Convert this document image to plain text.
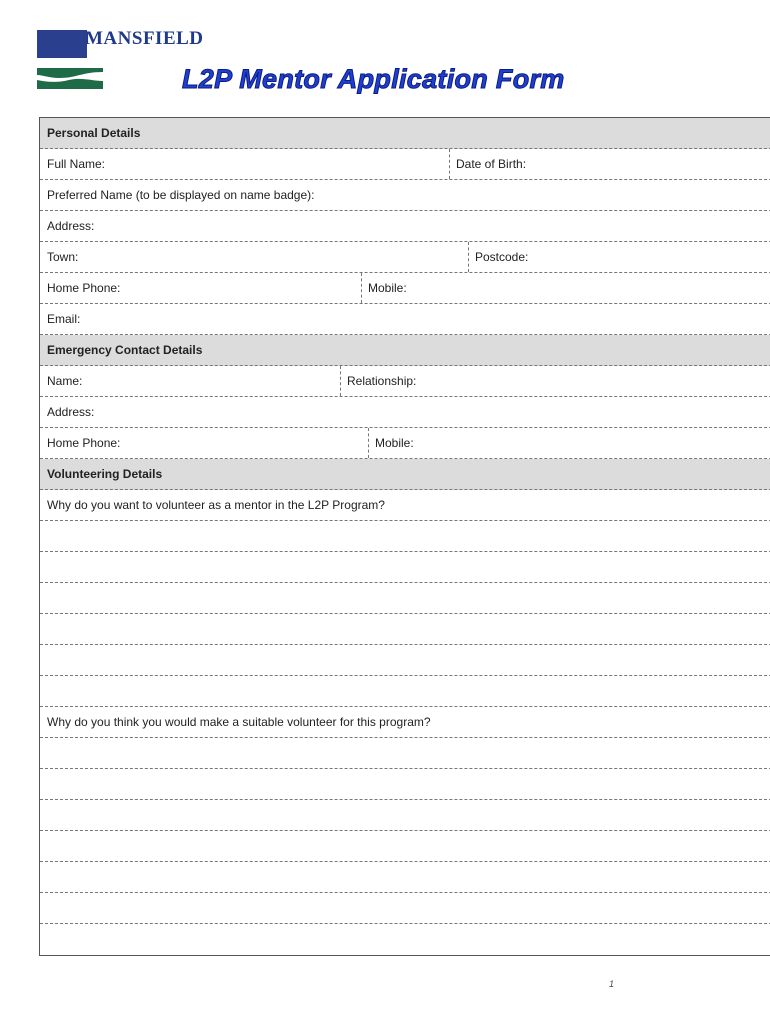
MANSFIELD
L2P Mentor Application Form
Personal Details
Full Name:	Date of Birth:
Preferred Name (to be displayed on name badge):
Address:
Town:	Postcode:
Home Phone:	Mobile:
Email:
Emergency Contact Details
Name:	Relationship:
Address:
Home Phone:	Mobile:
Volunteering Details
Why do you want to volunteer as a mentor in the L2P Program?
Why do you think you would make a suitable volunteer for this program?
1
